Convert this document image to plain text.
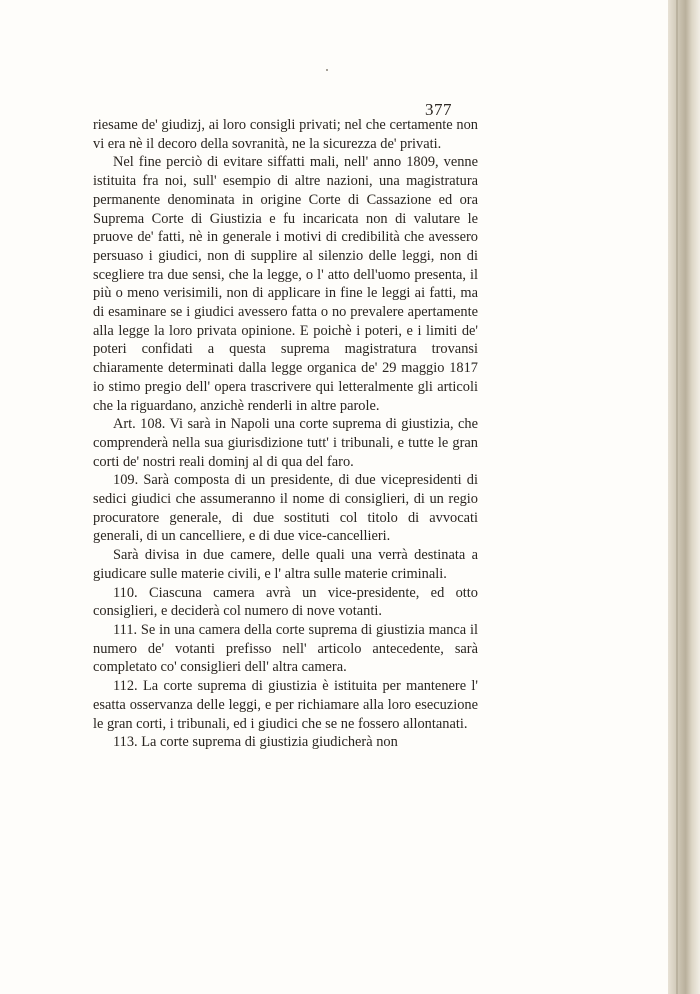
377

riesame de' giudizj, ai loro consigli privati; nel che certamente non vi era nè il decoro della sovranità, ne la sicurezza de' privati.

Nel fine perciò di evitare siffatti mali, nell' anno 1809, venne istituita fra noi, sull' esempio di altre nazioni, una magistratura permanente denominata in origine Corte di Cassazione ed ora Suprema Corte di Giustizia e fu incaricata non di valutare le pruove de' fatti, nè in generale i motivi di credibilità che avessero persuaso i giudici, non di supplire al silenzio delle leggi, non di scegliere tra due sensi, che la legge, o l' atto dell'uomo presenta, il più o meno verisimili, non di applicare in fine le leggi ai fatti, ma di esaminare se i giudici avessero fatta o no prevalere apertamente alla legge la loro privata opinione. E poichè i poteri, e i limiti de' poteri confidati a questa suprema magistratura trovansi chiaramente determinati dalla legge organica de' 29 maggio 1817 io stimo pregio dell' opera trascrivere qui letteralmente gli articoli che la riguardano, anzichè renderli in altre parole.

Art. 108. Vi sarà in Napoli una corte suprema di giustizia, che comprenderà nella sua giurisdizione tutt' i tribunali, e tutte le gran corti de' nostri reali dominj al di qua del faro.

109. Sarà composta di un presidente, di due vicepresidenti di sedici giudici che assumeranno il nome di consiglieri, di un regio procuratore generale, di due sostituti col titolo di avvocati generali, di un cancelliere, e di due vice-cancellieri.

Sarà divisa in due camere, delle quali una verrà destinata a giudicare sulle materie civili, e l' altra sulle materie criminali.

110. Ciascuna camera avrà un vice-presidente, ed otto consiglieri, e deciderà col numero di nove votanti.

111. Se in una camera della corte suprema di giustizia manca il numero de' votanti prefisso nell' articolo antecedente, sarà completato co' consiglieri dell' altra camera.

112. La corte suprema di giustizia è istituita per mantenere l' esatta osservanza delle leggi, e per richiamare alla loro esecuzione le gran corti, i tribunali, ed i giudici che se ne fossero allontanati.

113. La corte suprema di giustizia giudicherà non
